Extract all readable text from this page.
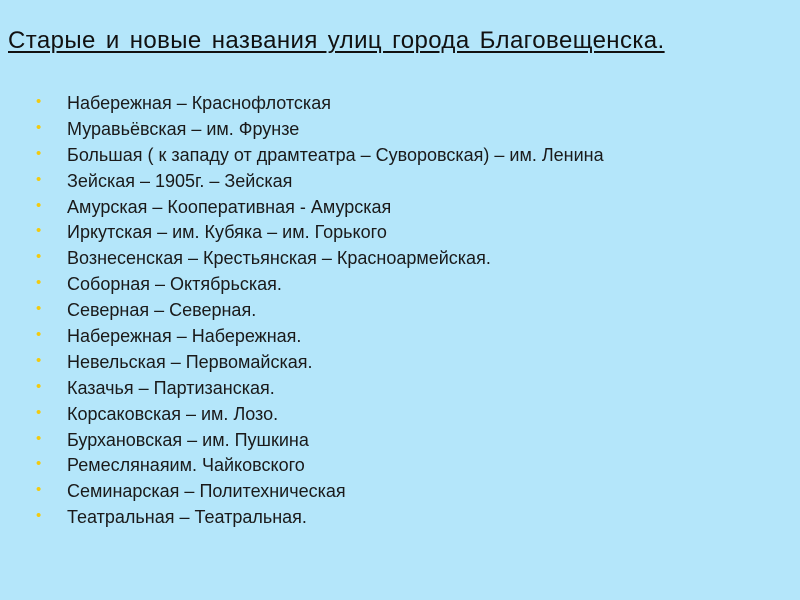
Старые и новые названия улиц города Благовещенска.
• Набережная – Краснофлотская
• Муравьёвская – им. Фрунзе
• Большая ( к западу от драмтеатра – Суворовская) – им. Ленина
• Зейская – 1905г. – Зейская
• Амурская – Кооперативная - Амурская
• Иркутская – им. Кубяка – им. Горького
• Вознесенская – Крестьянская – Красноармейская.
• Соборная – Октябрьская.
• Северная – Северная.
• Набережная – Набережная.
• Невельская – Первомайская.
• Казачья – Партизанская.
• Корсаковская – им. Лозо.
• Бурхановская – им. Пушкина
• Ремеслянаяим. Чайковского
• Семинарская – Политехническая
• Театральная – Театральная.
